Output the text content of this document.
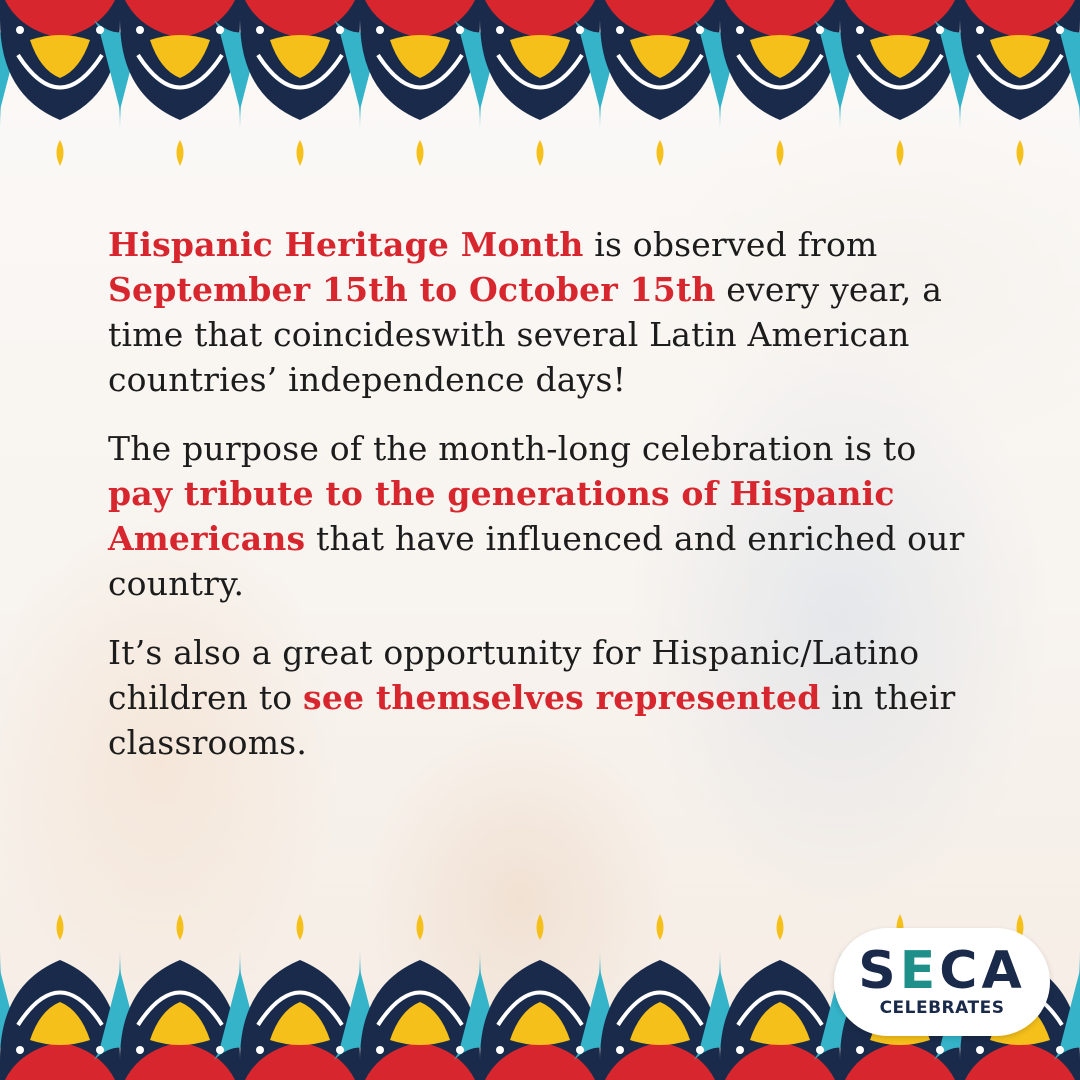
Hispanic Heritage Month is observed from September 15th to October 15th every year, a time that coincideswith several Latin American countries’ independence days!

The purpose of the month-long celebration is to pay tribute to the generations of Hispanic Americans that have influenced and enriched our country.

It’s also a great opportunity for Hispanic/Latino children to see themselves represented in their classrooms.

SECA
CELEBRATES
